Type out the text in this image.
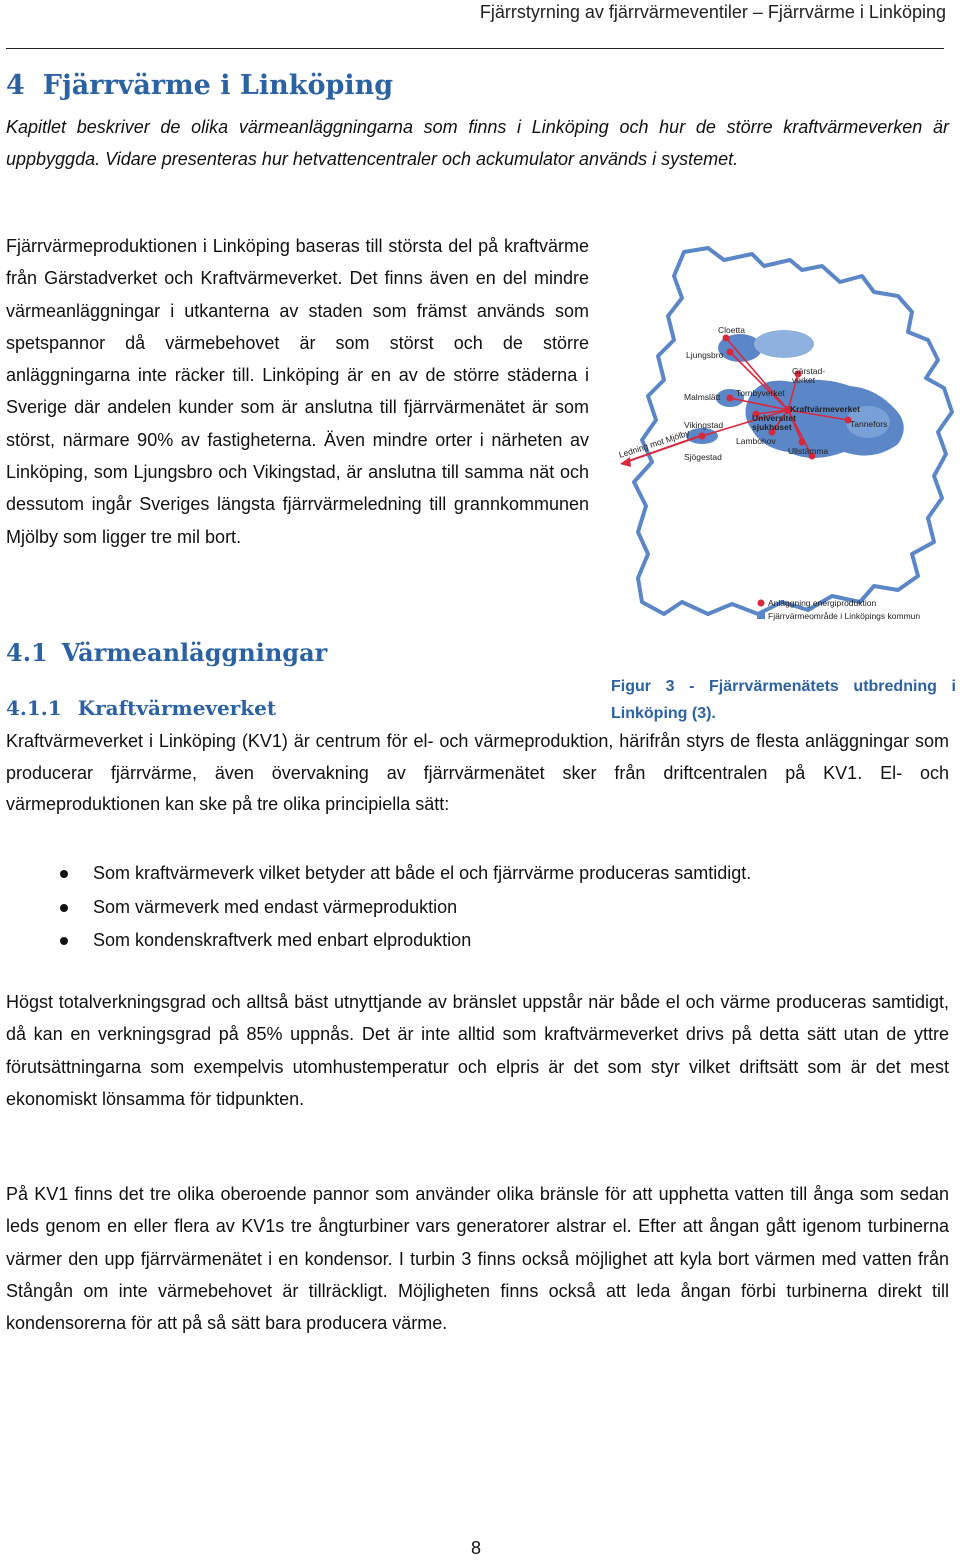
Fjärrstyrning av fjärrvärmeventiler – Fjärrvärme i Linköping
4 Fjärrvärme i Linköping

Kapitlet beskriver de olika värmeanläggningarna som finns i Linköping och hur de större kraftvärmeverken är uppbyggda. Vidare presenteras hur hetvattencentraler och ackumulator används i systemet.

Fjärrvärmeproduktionen i Linköping baseras till största del på kraftvärme från Gärstadverket och Kraftvärmeverket. Det finns även en del mindre värmeanläggningar i utkanterna av staden som främst används som spetspannor då värmebehovet är som störst och de större anläggningarna inte räcker till. Linköping är en av de större städerna i Sverige där andelen kunder som är anslutna till fjärrvärmenätet är som störst, närmare 90% av fastigheterna. Även mindre orter i närheten av Linköping, som Ljungsbro och Vikingstad, är anslutna till samma nät och dessutom ingår Sveriges längsta fjärrvärmeledning till grannkommunen Mjölby som ligger tre mil bort.

Cloetta
Ljungsbro
Gärstad-
verket
Malmslätt Tornbyverket
Vikingstad
Universitet
sjukhuset
Kraftvärmeverket
Tannefors
Lambohov
Ullstämma
Sjögestad
Ledning mot Mjölby
Anläggning energiproduktion
Fjärrvärmeområde i Linköpings kommun

Figur 3 - Fjärrvärmenätets utbredning i Linköping (3).

4.1 Värmeanläggningar
4.1.1 Kraftvärmeverket

Kraftvärmeverket i Linköping (KV1) är centrum för el- och värmeproduktion, härifrån styrs de flesta anläggningar som producerar fjärrvärme, även övervakning av fjärrvärmenätet sker från driftcentralen på KV1. El- och värmeproduktionen kan ske på tre olika principiella sätt:

Som kraftvärmeverk vilket betyder att både el och fjärrvärme produceras samtidigt.
Som värmeverk med endast värmeproduktion
Som kondenskraftverk med enbart elproduktion

Högst totalverkningsgrad och alltså bäst utnyttjande av bränslet uppstår när både el och värme produceras samtidigt, då kan en verkningsgrad på 85% uppnås. Det är inte alltid som kraftvärmeverket drivs på detta sätt utan de yttre förutsättningarna som exempelvis utomhustemperatur och elpris är det som styr vilket driftsätt som är det mest ekonomiskt lönsamma för tidpunkten.

På KV1 finns det tre olika oberoende pannor som använder olika bränsle för att upphetta vatten till ånga som sedan leds genom en eller flera av KV1s tre ångturbiner vars generatorer alstrar el. Efter att ångan gått igenom turbinerna värmer den upp fjärrvärmenätet i en kondensor. I turbin 3 finns också möjlighet att kyla bort värmen med vatten från Stångån om inte värmebehovet är tillräckligt. Möjligheten finns också att leda ångan förbi turbinerna direkt till kondensorerna för att på så sätt bara producera värme.

8
